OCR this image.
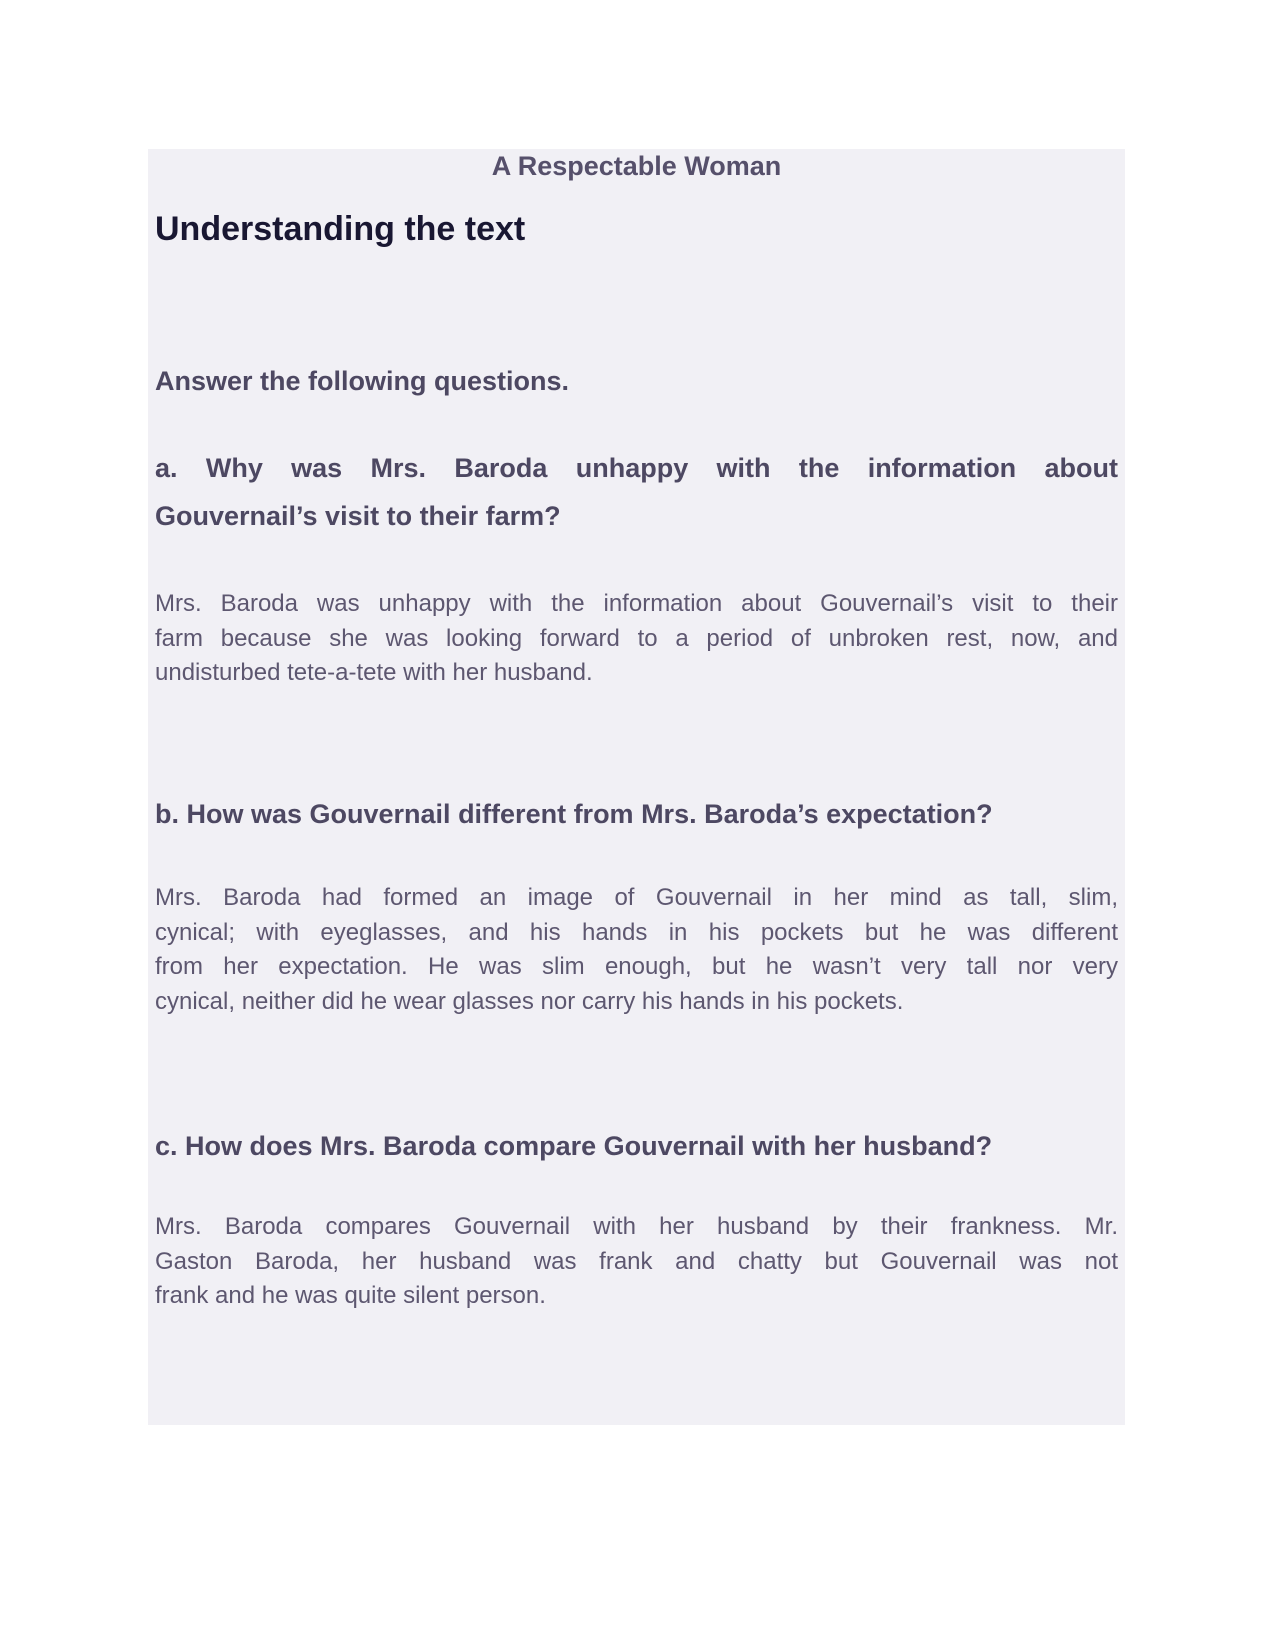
A Respectable Woman
Understanding the text
Answer the following questions.
a. Why was Mrs. Baroda unhappy with the information about
Gouvernail’s visit to their farm?
Mrs. Baroda was unhappy with the information about Gouvernail’s visit to their
farm because she was looking forward to a period of unbroken rest, now, and
undisturbed tete-a-tete with her husband.
b. How was Gouvernail different from Mrs. Baroda’s expectation?
Mrs. Baroda had formed an image of Gouvernail in her mind as tall, slim,
cynical; with eyeglasses, and his hands in his pockets but he was different
from her expectation. He was slim enough, but he wasn’t very tall nor very
cynical, neither did he wear glasses nor carry his hands in his pockets.
c. How does Mrs. Baroda compare Gouvernail with her husband?
Mrs. Baroda compares Gouvernail with her husband by their frankness. Mr.
Gaston Baroda, her husband was frank and chatty but Gouvernail was not
frank and he was quite silent person.
